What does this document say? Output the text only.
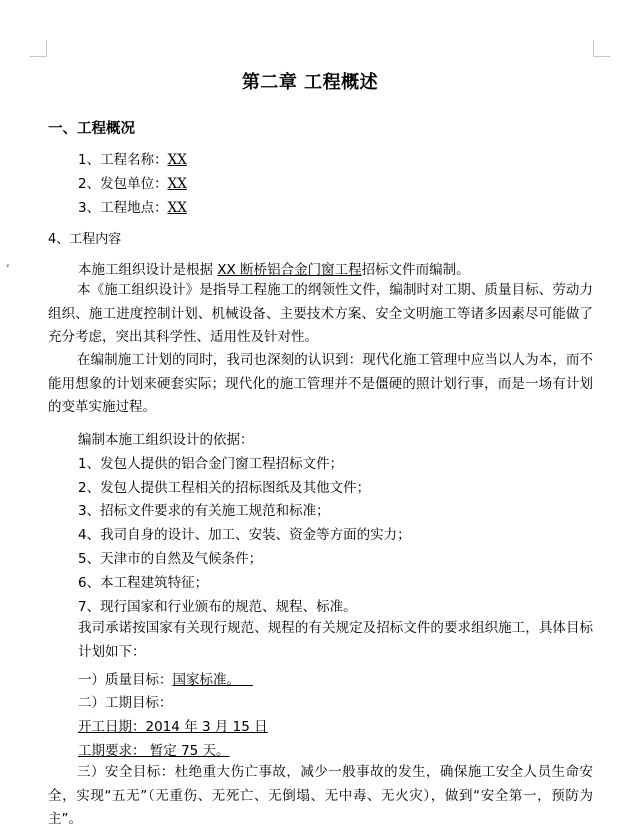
▾
第二章 工程概述
一、工程概况
1、工程名称：XX
2、发包单位：XX
3、工程地点：XX
4、工程内容
本施工组织设计是根据 XX 断桥铝合金门窗工程招标文件而编制。
本《施工组织设计》是指导工程施工的纲领性文件，编制时对工期、质量目标、劳动力组织、施工进度控制计划、机械设备、主要技术方案、安全文明施工等诸多因素尽可能做了充分考虑，突出其科学性、适用性及针对性。
在编制施工计划的同时，我司也深刻的认识到：现代化施工管理中应当以人为本，而不能用想象的计划来硬套实际；现代化的施工管理并不是僵硬的照计划行事，而是一场有计划的变革实施过程。
编制本施工组织设计的依据：
1、发包人提供的铝合金门窗工程招标文件；
2、发包人提供工程相关的招标图纸及其他文件；
3、招标文件要求的有关施工规范和标准；
4、我司自身的设计、加工、安装、资金等方面的实力；
5、天津市的自然及气候条件；
6、本工程建筑特征；
7、现行国家和行业颁布的规范、规程、标准。
我司承诺按国家有关现行规范、规程的有关规定及招标文件的要求组织施工，具体目标计划如下：
一）质量目标：国家标准。
二）工期目标：
开工日期：2014 年 3 月 15 日
工期要求： 暂定 75 天。
三）安全目标：杜绝重大伤亡事故，减少一般事故的发生，确保施工安全人员生命安全，实现“五无”（无重伤、无死亡、无倒塌、无中毒、无火灾），做到“安全第一，预防为主”。
